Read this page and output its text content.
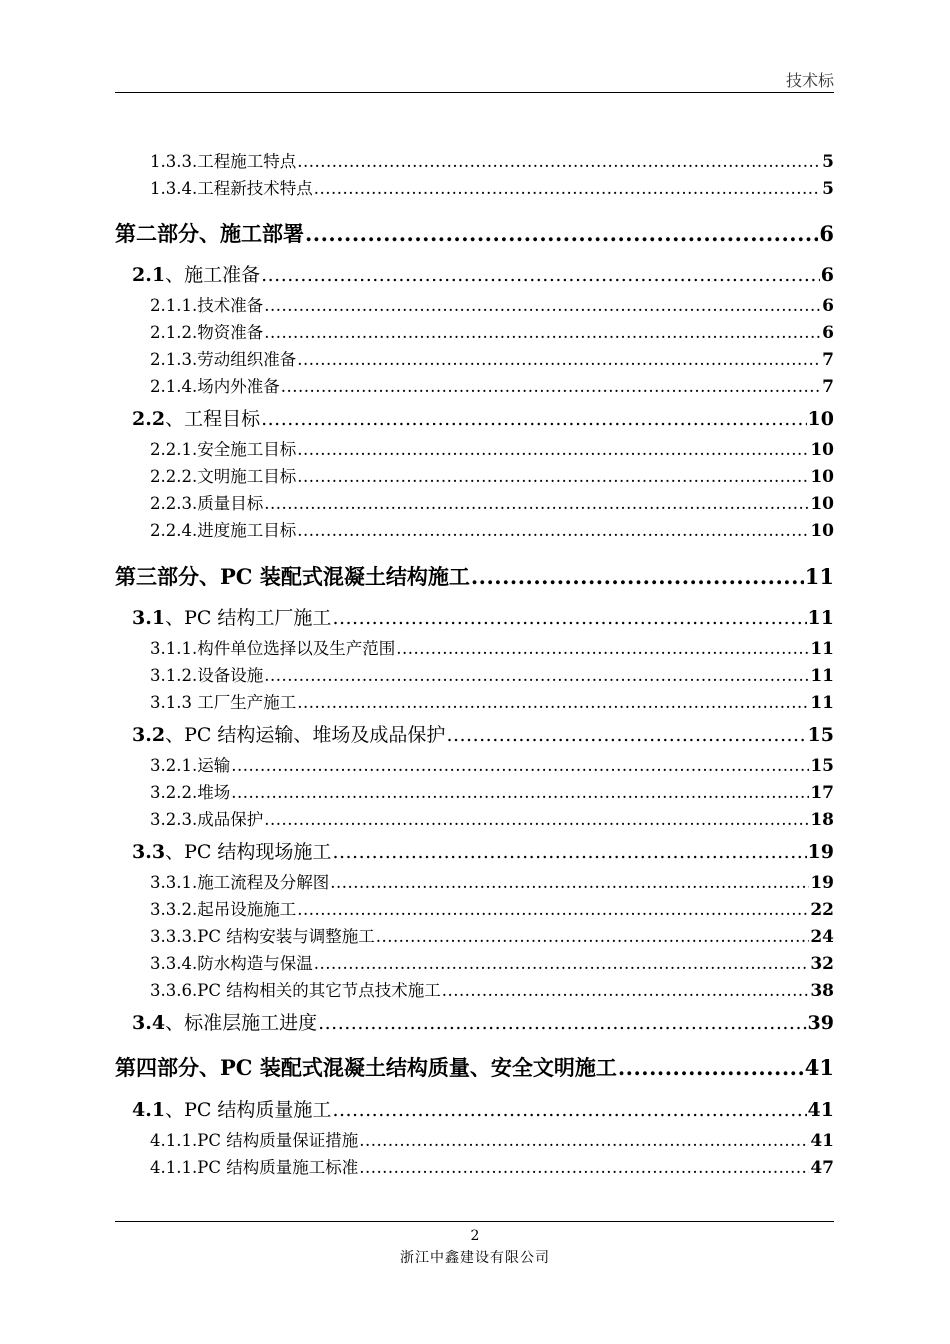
技术标
1.3.3.工程施工特点 .....	5
1.3.4.工程新技术特点 .....	5
第二部分、施工部署 .....	6
2.1、施工准备 .....	6
2.1.1.技术准备 .....	6
2.1.2.物资准备 .....	6
2.1.3.劳动组织准备 .....	7
2.1.4.场内外准备 .....	7
2.2、工程目标 .....	10
2.2.1.安全施工目标 .....	10
2.2.2.文明施工目标 .....	10
2.2.3.质量目标 .....	10
2.2.4.进度施工目标 .....	10
第三部分、PC 装配式混凝土结构施工 .....	11
3.1、PC 结构工厂施工 .....	11
3.1.1.构件单位选择以及生产范围 .....	11
3.1.2.设备设施 .....	11
3.1.3 工厂生产施工 .....	11
3.2、PC 结构运输、堆场及成品保护 .....	15
3.2.1.运输 .....	15
3.2.2.堆场 .....	17
3.2.3.成品保护 .....	18
3.3、PC 结构现场施工 .....	19
3.3.1.施工流程及分解图 .....	19
3.3.2.起吊设施施工 .....	22
3.3.3.PC 结构安装与调整施工 .....	24
3.3.4.防水构造与保温 .....	32
3.3.6.PC 结构相关的其它节点技术施工 .....	38
3.4、标准层施工进度 .....	39
第四部分、PC 装配式混凝土结构质量、安全文明施工 .....	41
4.1、PC 结构质量施工 .....	41
4.1.1.PC 结构质量保证措施 .....	41
4.1.1.PC 结构质量施工标准 .....	47
2
浙江中鑫建设有限公司
